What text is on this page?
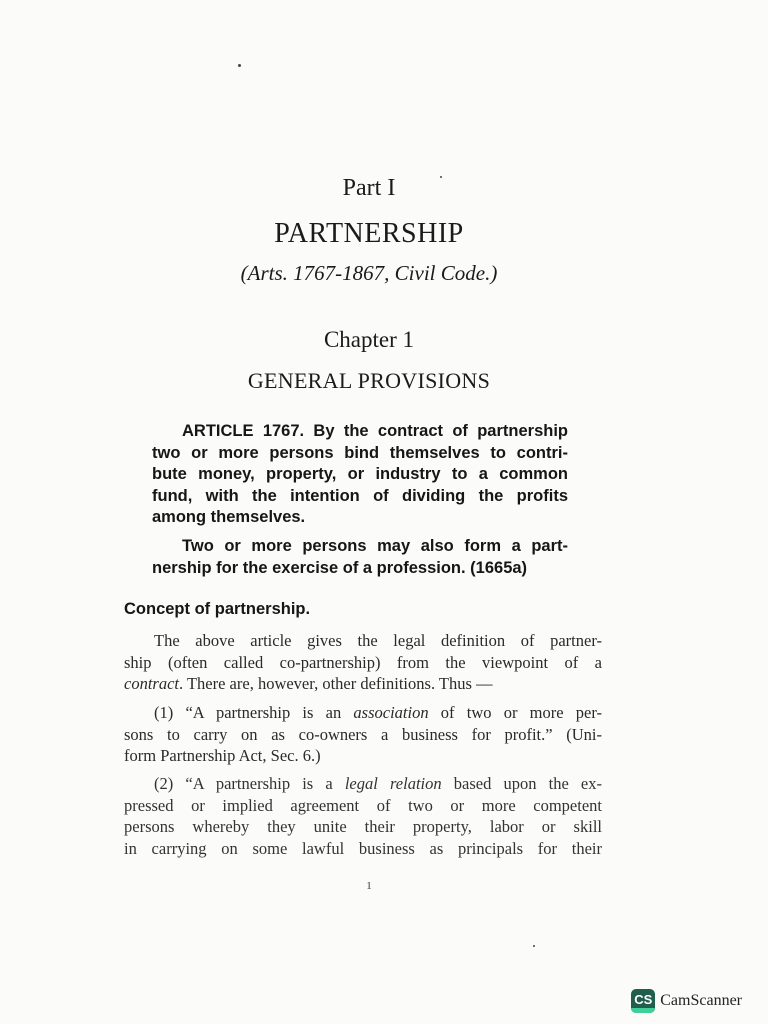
Part I
PARTNERSHIP
(Arts. 1767-1867, Civil Code.)
Chapter 1
GENERAL PROVISIONS
ARTICLE 1767. By the contract of partnership
two or more persons bind themselves to contri-
bute money, property, or industry to a common
fund, with the intention of dividing the profits
among themselves.
Two or more persons may also form a part-
nership for the exercise of a profession. (1665a)
Concept of partnership.
The above article gives the legal definition of partner-
ship (often called co-partnership) from the viewpoint of a
contract. There are, however, other definitions. Thus —
(1) “A partnership is an association of two or more per-
sons to carry on as co-owners a business for profit.” (Uni-
form Partnership Act, Sec. 6.)
(2) “A partnership is a legal relation based upon the ex-
pressed or implied agreement of two or more competent
persons whereby they unite their property, labor or skill
in carrying on some lawful business as principals for their
1
CS CamScanner
